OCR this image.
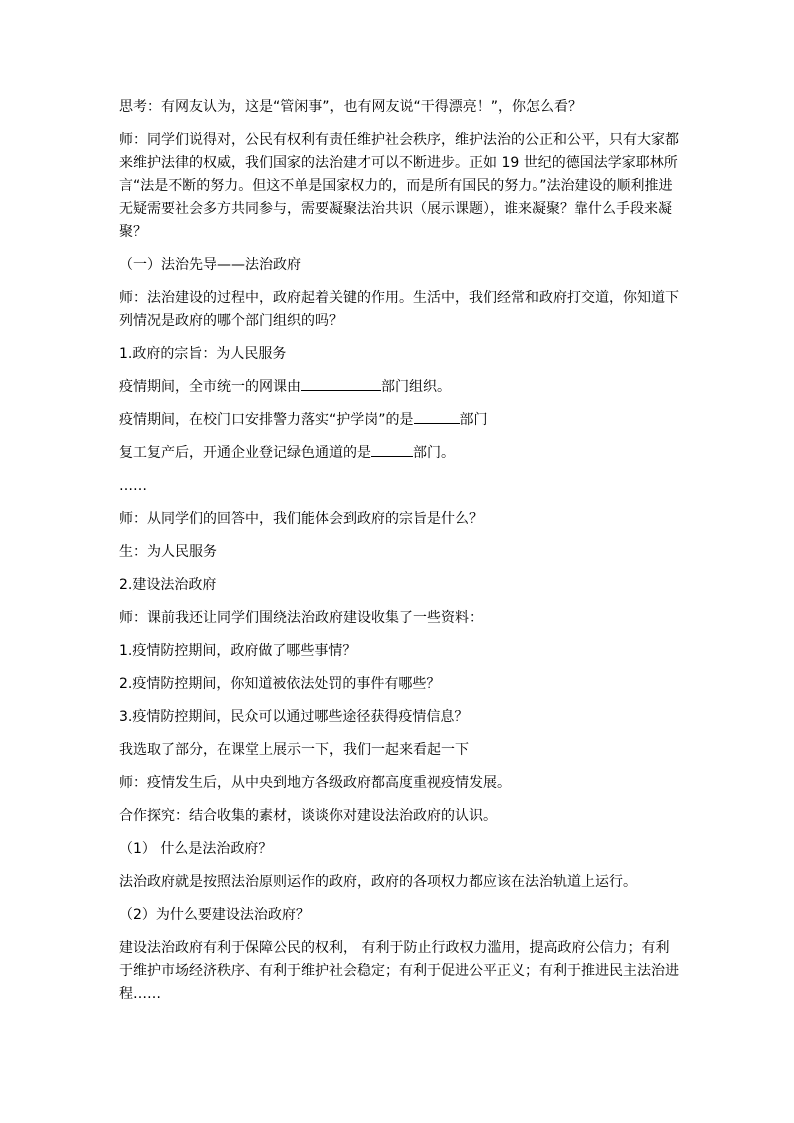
思考：有网友认为，这是“管闲事”，也有网友说“干得漂亮！”，你怎么看？

师：同学们说得对，公民有权利有责任维护社会秩序，维护法治的公正和公平，只有大家都来维护法律的权威，我们国家的法治建才可以不断进步。正如 19 世纪的德国法学家耶林所言“法是不断的努力。但这不单是国家权力的，而是所有国民的努力。”法治建设的顺利推进无疑需要社会多方共同参与，需要凝聚法治共识（展示课题），谁来凝聚？靠什么手段来凝聚？

（一）法治先导——法治政府

师：法治建设的过程中，政府起着关键的作用。生活中，我们经常和政府打交道，你知道下列情况是政府的哪个部门组织的吗？

1.政府的宗旨：为人民服务

疫情期间，全市统一的网课由	部门组织。

疫情期间，在校门口安排警力落实“护学岗”的是	部门

复工复产后，开通企业登记绿色通道的是	部门。

……

师：从同学们的回答中，我们能体会到政府的宗旨是什么？

生：为人民服务

2.建设法治政府

师：课前我还让同学们围绕法治政府建设收集了一些资料：

1.疫情防控期间，政府做了哪些事情？

2.疫情防控期间，你知道被依法处罚的事件有哪些？

3.疫情防控期间，民众可以通过哪些途径获得疫情信息？

我选取了部分，在课堂上展示一下，我们一起来看起一下

师：疫情发生后，从中央到地方各级政府都高度重视疫情发展。

合作探究：结合收集的素材，谈谈你对建设法治政府的认识。

（1） 什么是法治政府？

法治政府就是按照法治原则运作的政府，政府的各项权力都应该在法治轨道上运行。

（2）为什么要建设法治政府？

建设法治政府有利于保障公民的权利， 有利于防止行政权力滥用，提高政府公信力；有利于维护市场经济秩序、有利于维护社会稳定；有利于促进公平正义；有利于推进民主法治进程……
